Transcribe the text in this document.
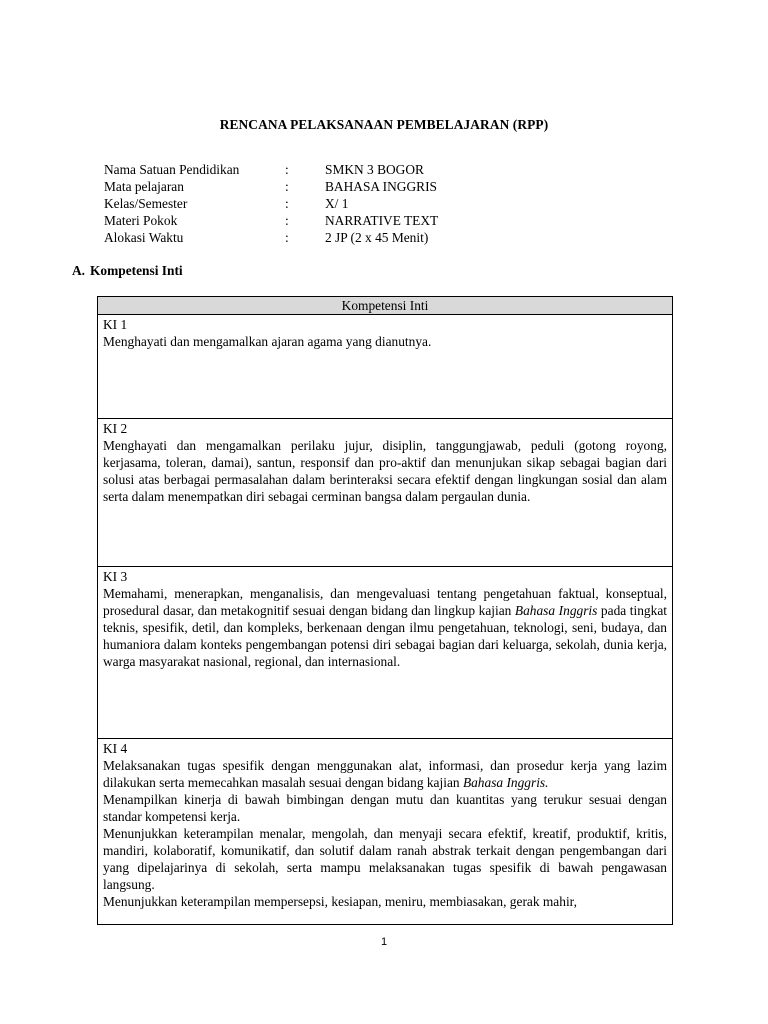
RENCANA PELAKSANAAN PEMBELAJARAN (RPP)
Nama Satuan Pendidikan	:	SMKN 3 BOGOR
Mata pelajaran	:	BAHASA INGGRIS
Kelas/Semester	:	X/ 1
Materi Pokok	:	NARRATIVE TEXT
Alokasi Waktu	:	2 JP (2 x 45 Menit)
A. Kompetensi Inti
Kompetensi Inti

KI 1
Menghayati dan mengamalkan ajaran agama yang dianutnya.

KI 2
Menghayati dan mengamalkan perilaku jujur, disiplin, tanggungjawab, peduli (gotong royong, kerjasama, toleran, damai), santun, responsif dan pro-aktif dan menunjukan sikap sebagai bagian dari solusi atas berbagai permasalahan dalam berinteraksi secara efektif dengan lingkungan sosial dan alam serta dalam menempatkan diri sebagai cerminan bangsa dalam pergaulan dunia.

KI 3
Memahami, menerapkan, menganalisis, dan mengevaluasi tentang pengetahuan faktual, konseptual, prosedural dasar, dan metakognitif sesuai dengan bidang dan lingkup kajian Bahasa Inggris pada tingkat teknis, spesifik, detil, dan kompleks, berkenaan dengan ilmu pengetahuan, teknologi, seni, budaya, dan humaniora dalam konteks pengembangan potensi diri sebagai bagian dari keluarga, sekolah, dunia kerja, warga masyarakat nasional, regional, dan internasional.

KI 4
Melaksanakan tugas spesifik dengan menggunakan alat, informasi, dan prosedur kerja yang lazim dilakukan serta memecahkan masalah sesuai dengan bidang kajian Bahasa Inggris.
Menampilkan kinerja di bawah bimbingan dengan mutu dan kuantitas yang terukur sesuai dengan standar kompetensi kerja.
Menunjukkan keterampilan menalar, mengolah, dan menyaji secara efektif, kreatif, produktif, kritis, mandiri, kolaboratif, komunikatif, dan solutif dalam ranah abstrak terkait dengan pengembangan dari yang dipelajarinya di sekolah, serta mampu melaksanakan tugas spesifik di bawah pengawasan langsung.
Menunjukkan keterampilan mempersepsi, kesiapan, meniru, membiasakan, gerak mahir,
1
